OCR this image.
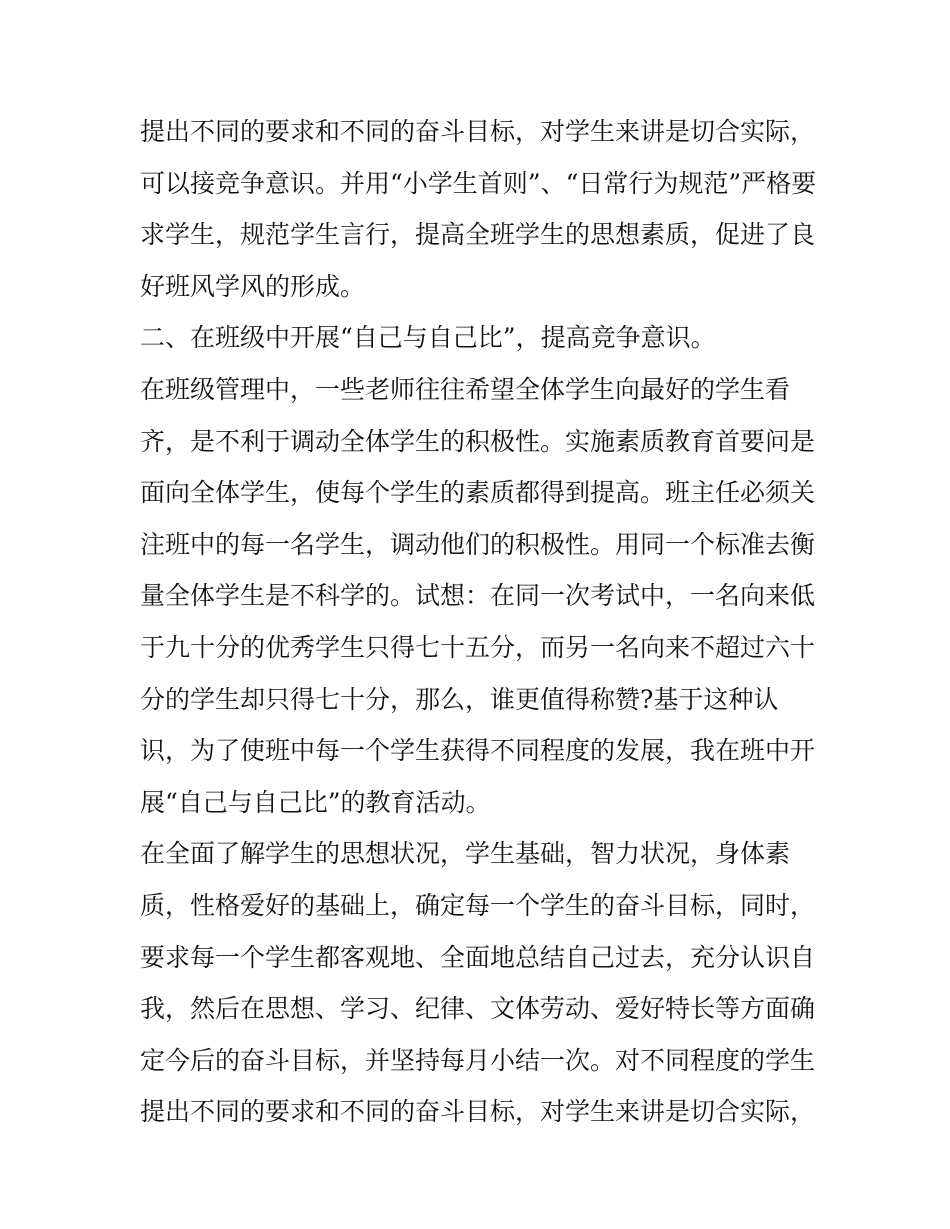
提出不同的要求和不同的奋斗目标，对学生来讲是切合实际，
可以接竞争意识。并用“小学生首则”、“日常行为规范”严格要
求学生，规范学生言行，提高全班学生的思想素质，促进了良
好班风学风的形成。
二、在班级中开展“自己与自己比”，提高竞争意识。
在班级管理中，一些老师往往希望全体学生向最好的学生看
齐，是不利于调动全体学生的积极性。实施素质教育首要问是
面向全体学生，使每个学生的素质都得到提高。班主任必须关
注班中的每一名学生，调动他们的积极性。用同一个标准去衡
量全体学生是不科学的。试想：在同一次考试中，一名向来低
于九十分的优秀学生只得七十五分，而另一名向来不超过六十
分的学生却只得七十分，那么，谁更值得称赞?基于这种认
识，为了使班中每一个学生获得不同程度的发展，我在班中开
展“自己与自己比”的教育活动。
在全面了解学生的思想状况，学生基础，智力状况，身体素
质，性格爱好的基础上，确定每一个学生的奋斗目标，同时，
要求每一个学生都客观地、全面地总结自己过去，充分认识自
我，然后在思想、学习、纪律、文体劳动、爱好特长等方面确
定今后的奋斗目标，并坚持每月小结一次。对不同程度的学生
提出不同的要求和不同的奋斗目标，对学生来讲是切合实际，
